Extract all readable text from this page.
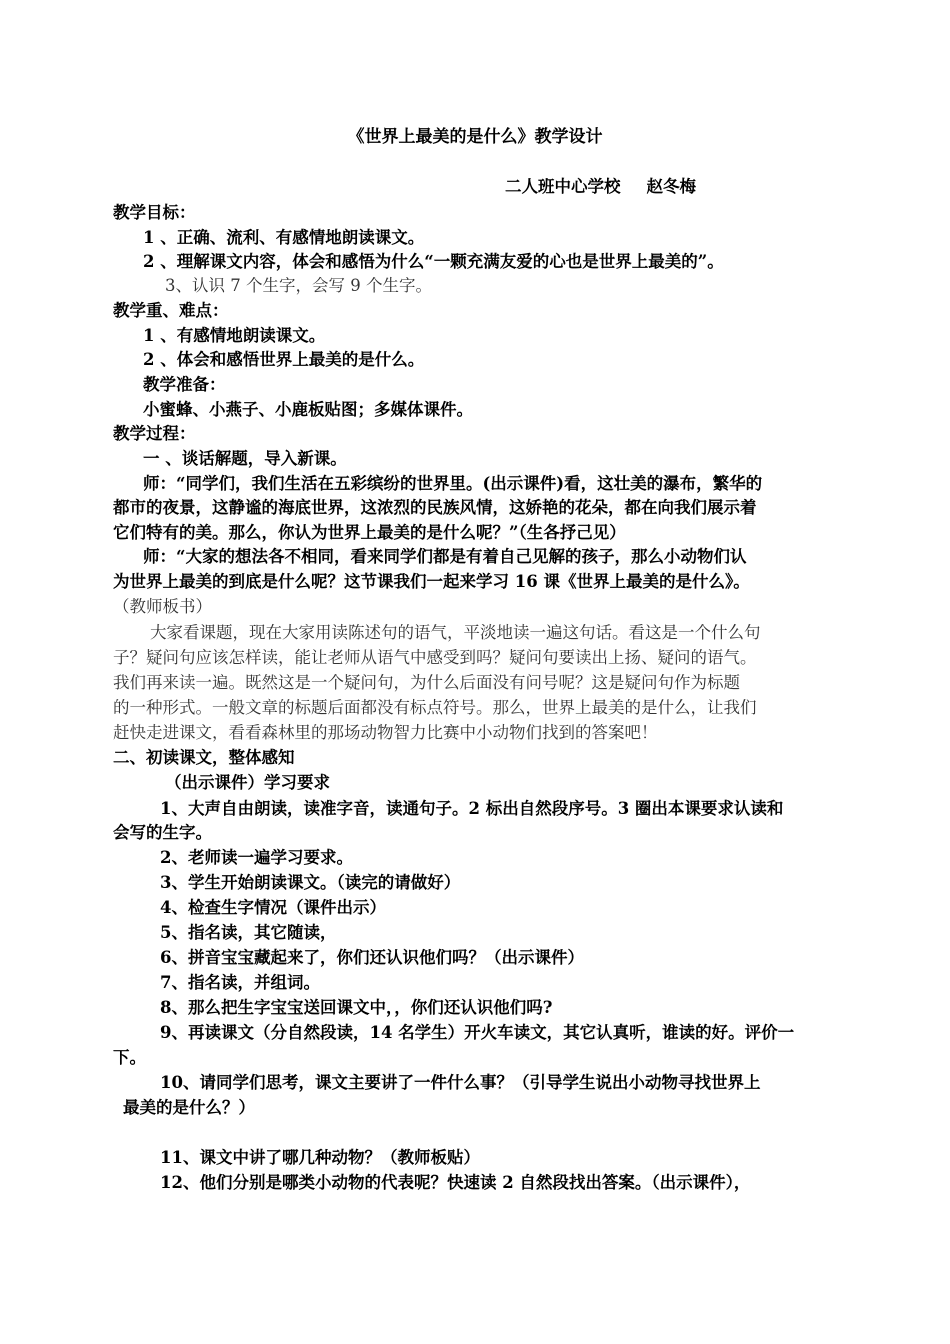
《世界上最美的是什么》教学设计
二人班中心学校 赵冬梅
教学目标：
1 、正确、流利、有感情地朗读课文。
2 、理解课文内容，体会和感悟为什么“一颗充满友爱的心也是世界上最美的”。
3、认识 7 个生字，会写 9 个生字。
教学重、难点：
1 、有感情地朗读课文。
2 、体会和感悟世界上最美的是什么。
教学准备：
小蜜蜂、小燕子、小鹿板贴图；多媒体课件。
教学过程：
一 、谈话解题，导入新课。
师：“同学们，我们生活在五彩缤纷的世界里。(出示课件)看，这壮美的瀑布，繁华的
都市的夜景，这静谧的海底世界，这浓烈的民族风情，这娇艳的花朵，都在向我们展示着
它们特有的美。那么，你认为世界上最美的是什么呢？”（生各抒己见）
师：“大家的想法各不相同，看来同学们都是有着自己见解的孩子，那么小动物们认
为世界上最美的到底是什么呢？这节课我们一起来学习 16 课《世界上最美的是什么》。
（教师板书）
大家看课题，现在大家用读陈述句的语气，平淡地读一遍这句话。看这是一个什么句
子？疑问句应该怎样读，能让老师从语气中感受到吗？疑问句要读出上扬、疑问的语气。
我们再来读一遍。既然这是一个疑问句，为什么后面没有问号呢？这是疑问句作为标题
的一种形式。一般文章的标题后面都没有标点符号。那么，世界上最美的是什么，让我们
赶快走进课文，看看森林里的那场动物智力比赛中小动物们找到的答案吧！
二、初读课文，整体感知
（出示课件）学习要求
1、大声自由朗读，读准字音，读通句子。2 标出自然段序号。3 圈出本课要求认读和
会写的生字。
2、老师读一遍学习要求。
3、学生开始朗读课文。（读完的请做好）
4、检查生字情况（课件出示）
5、指名读，其它随读，
6、拼音宝宝藏起来了，你们还认识他们吗？（出示课件）
7、指名读，并组词。
8、那么把生字宝宝送回课文中，，你们还认识他们吗?
9、再读课文（分自然段读，14 名学生）开火车读文，其它认真听，谁读的好。评价一
下。
10、请同学们思考，课文主要讲了一件什么事？（引导学生说出小动物寻找世界上
最美的是什么？）
11、课文中讲了哪几种动物？（教师板贴）
12、他们分别是哪类小动物的代表呢？快速读 2 自然段找出答案。（出示课件），
